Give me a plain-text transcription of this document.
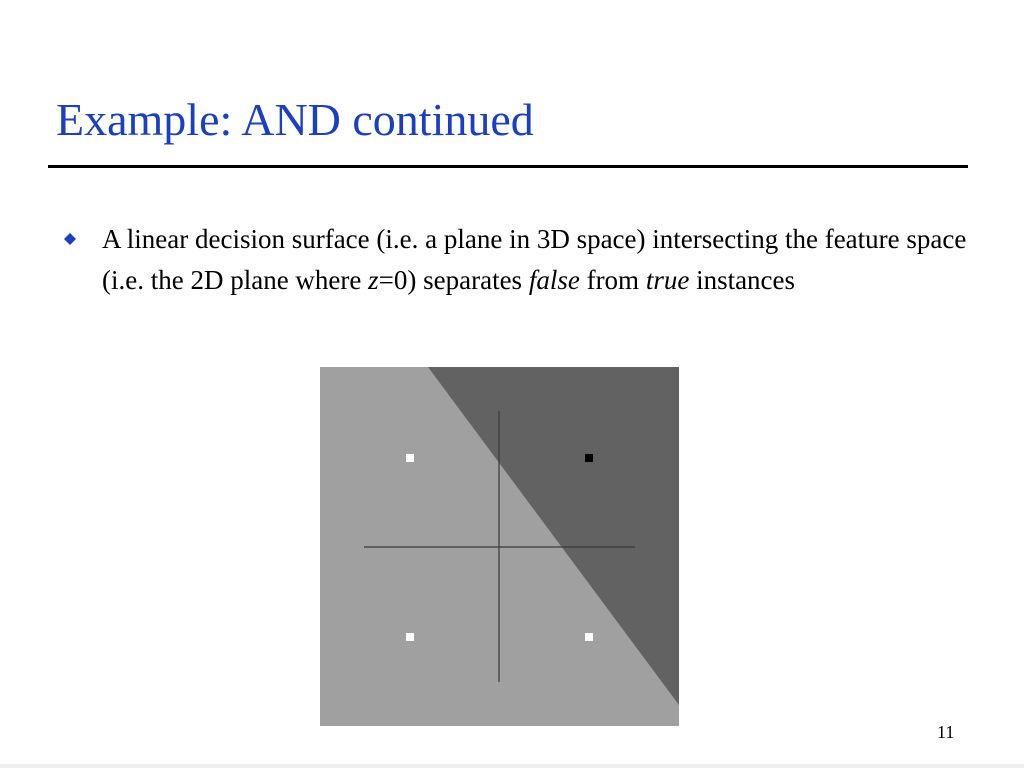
Example: AND continued
A linear decision surface (i.e. a plane in 3D space) intersecting the feature space (i.e. the 2D plane where z=0) separates false from true instances
11
